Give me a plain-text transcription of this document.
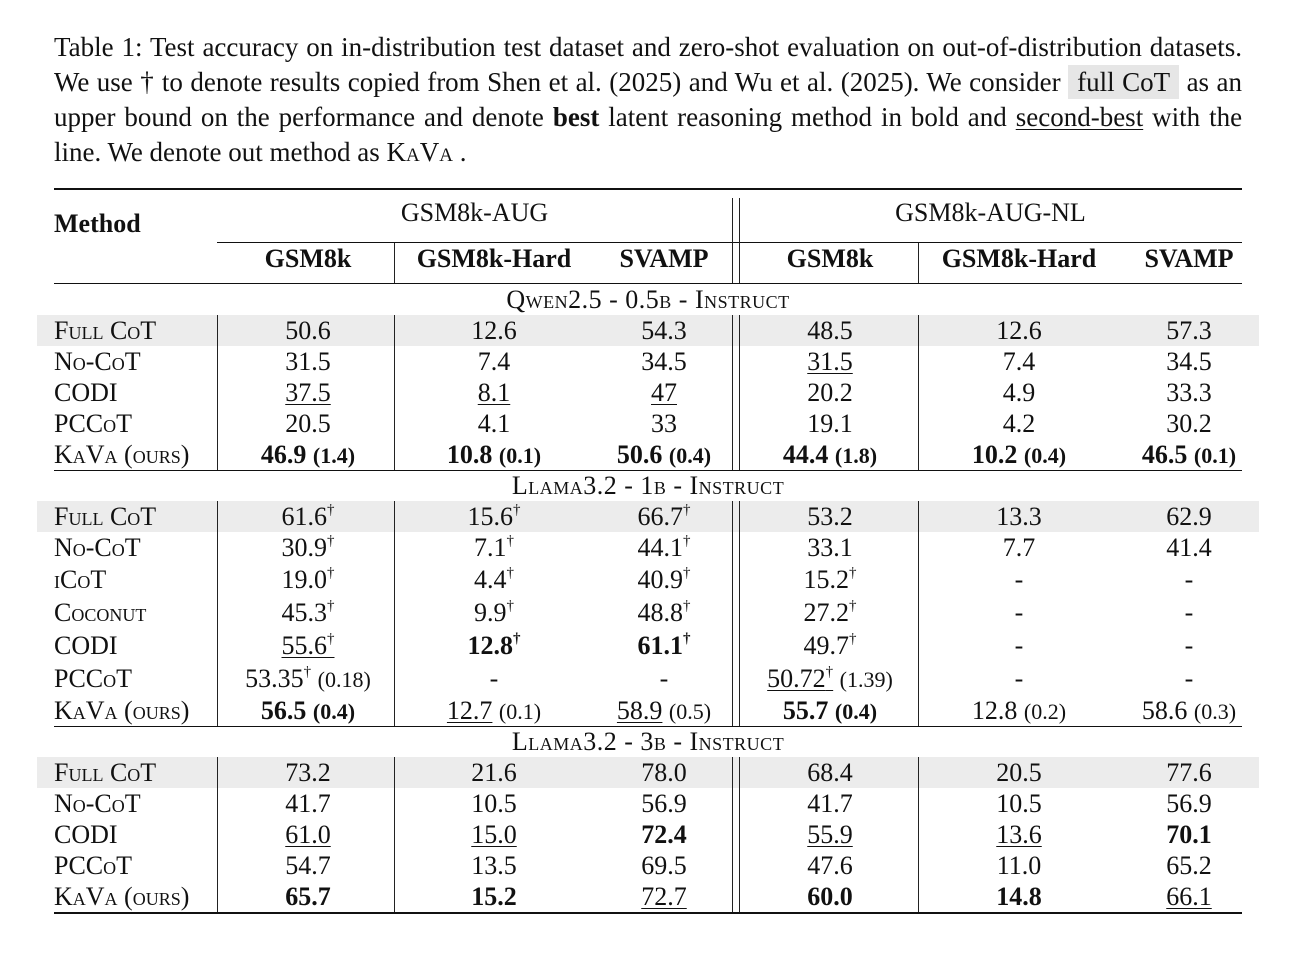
Table 1: Test accuracy on in-distribution test dataset and zero-shot evaluation on out-of-distribution datasets. We use † to denote results copied from Shen et al. (2025) and Wu et al. (2025). We consider full CoT as an upper bound on the performance and denote best latent reasoning method in bold and second-best with the line. We denote out method as KaVa .

Method	GSM8k-AUG	GSM8k-AUG-NL
GSM8k	GSM8k-Hard	SVAMP	GSM8k	GSM8k-Hard	SVAMP
Qwen2.5 - 0.5b - Instruct
Full CoT	50.6	12.6	54.3	48.5	12.6	57.3
No-CoT	31.5	7.4	34.5	31.5	7.4	34.5
CODI	37.5	8.1	47	20.2	4.9	33.3
PCCoT	20.5	4.1	33	19.1	4.2	30.2
KaVa (ours)	46.9 (1.4)	10.8 (0.1)	50.6 (0.4)	44.4 (1.8)	10.2 (0.4)	46.5 (0.1)
Llama3.2 - 1b - Instruct
Full CoT	61.6†	15.6†	66.7†	53.2	13.3	62.9
No-CoT	30.9†	7.1†	44.1†	33.1	7.7	41.4
iCoT	19.0†	4.4†	40.9†	15.2†	-	-
Coconut	45.3†	9.9†	48.8†	27.2†	-	-
CODI	55.6†	12.8†	61.1†	49.7†	-	-
PCCoT	53.35† (0.18)	-	-	50.72† (1.39)	-	-
KaVa (ours)	56.5 (0.4)	12.7 (0.1)	58.9 (0.5)	55.7 (0.4)	12.8 (0.2)	58.6 (0.3)
Llama3.2 - 3b - Instruct
Full CoT	73.2	21.6	78.0	68.4	20.5	77.6
No-CoT	41.7	10.5	56.9	41.7	10.5	56.9
CODI	61.0	15.0	72.4	55.9	13.6	70.1
PCCoT	54.7	13.5	69.5	47.6	11.0	65.2
KaVa (ours)	65.7	15.2	72.7	60.0	14.8	66.1
